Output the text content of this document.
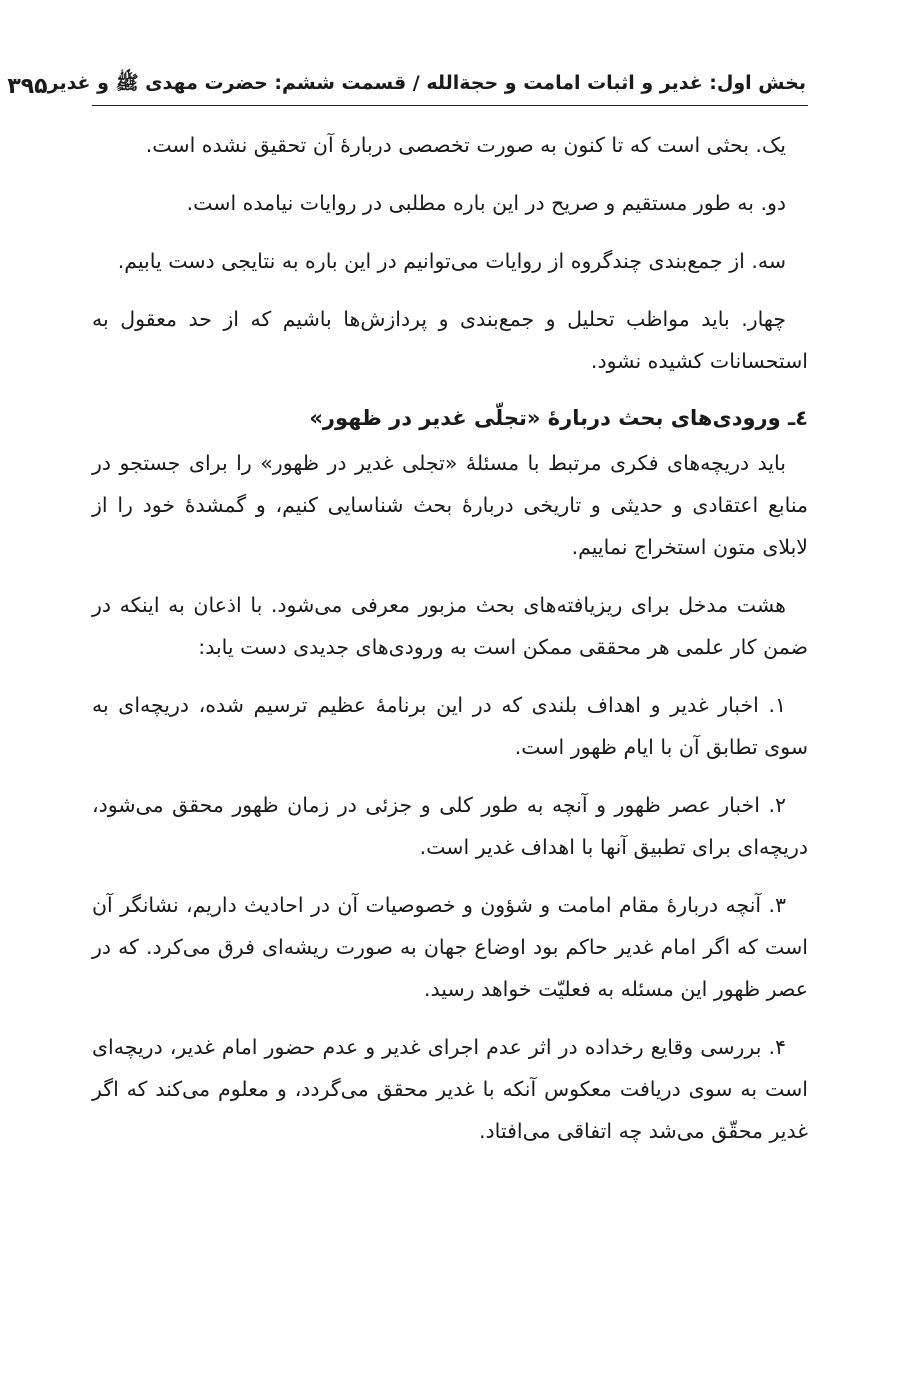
بخش اول: غدیر و اثبات امامت و حجةالله / قسمت ششم: حضرت مهدی ﷺ و غدیر
۳۹۵

یک. بحثی است که تا کنون به صورت تخصصی دربارۀ آن تحقیق نشده است.

دو. به طور مستقیم و صریح در این باره مطلبی در روایات نیامده است.

سه. از جمع‌بندی چندگروه از روایات می‌توانیم در این باره به نتایجی دست یابیم.

چهار. باید مواظب تحلیل و جمع‌بندی و پردازش‌ها باشیم که از حد معقول به استحسانات کشیده نشود.

٤ـ ورودی‌های بحث دربارۀ «تجلّی غدیر در ظهور»

باید دریچه‌های فکری مرتبط با مسئلۀ «تجلی غدیر در ظهور» را برای جستجو در منابع اعتقادی و حدیثی و تاریخی دربارۀ بحث شناسایی کنیم، و گمشدۀ خود را از لابلای متون استخراج نماییم.

هشت مدخل برای ریزیافته‌های بحث مزبور معرفی می‌شود. با اذعان به اینکه در ضمن کار علمی هر محققی ممکن است به ورودی‌های جدیدی دست یابد:

۱. اخبار غدیر و اهداف بلندی که در این برنامۀ عظیم ترسیم شده، دریچه‌ای به سوی تطابق آن با ایام ظهور است.

۲. اخبار عصر ظهور و آنچه به طور کلی و جزئی در زمان ظهور محقق می‌شود، دریچه‌ای برای تطبیق آنها با اهداف غدیر است.

۳. آنچه دربارۀ مقام امامت و شؤون و خصوصیات آن در احادیث داریم، نشانگر آن است که اگر امام غدیر حاکم بود اوضاع جهان به صورت ریشه‌ای فرق می‌کرد. که در عصر ظهور این مسئله به فعلیّت خواهد رسید.

۴. بررسی وقایع رخداده در اثر عدم اجرای غدیر و عدم حضور امام غدیر، دریچه‌ای است به سوی دریافت معکوس آنکه با غدیر محقق می‌گردد، و معلوم می‌کند که اگر غدیر محقّق می‌شد چه اتفاقی می‌افتاد.
